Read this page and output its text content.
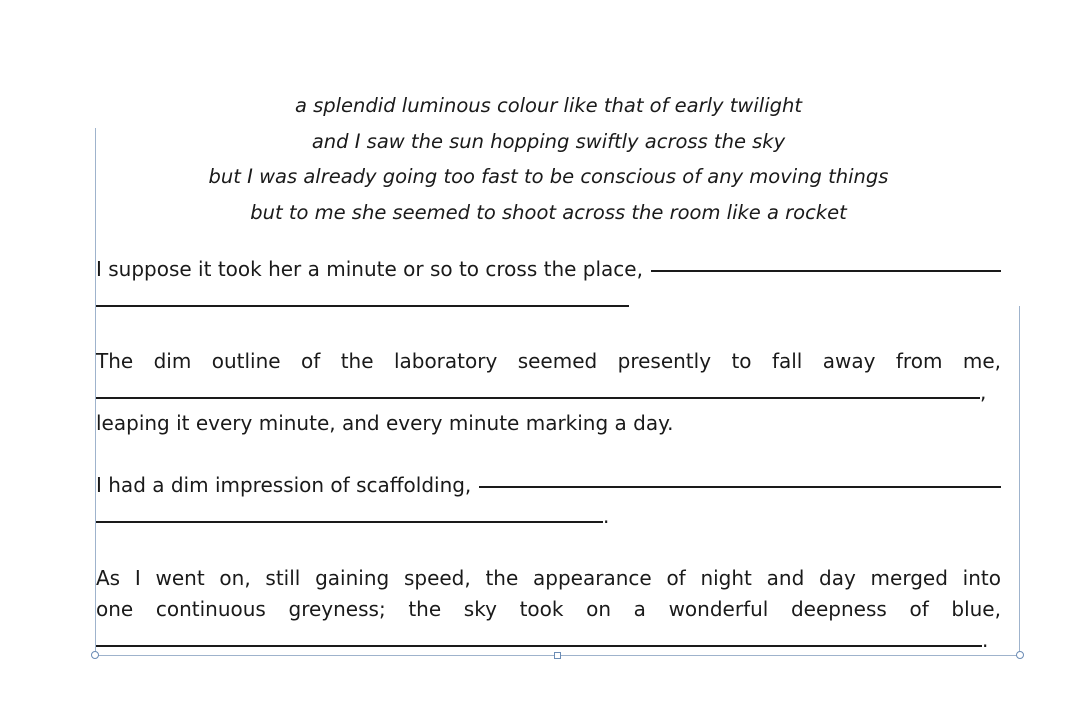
a splendid luminous colour like that of early twilight
and I saw the sun hopping swiftly across the sky
but I was already going too fast to be conscious of any moving things
but to me she seemed to shoot across the room like a rocket
I suppose it took her a minute or so to cross the place,
The dim outline of the laboratory seemed presently to fall away from me,
,
leaping it every minute, and every minute marking a day.
I had a dim impression of scaffolding,
.
As I went on, still gaining speed, the appearance of night and day merged into
one continuous greyness; the sky took on a wonderful deepness of blue,
.
